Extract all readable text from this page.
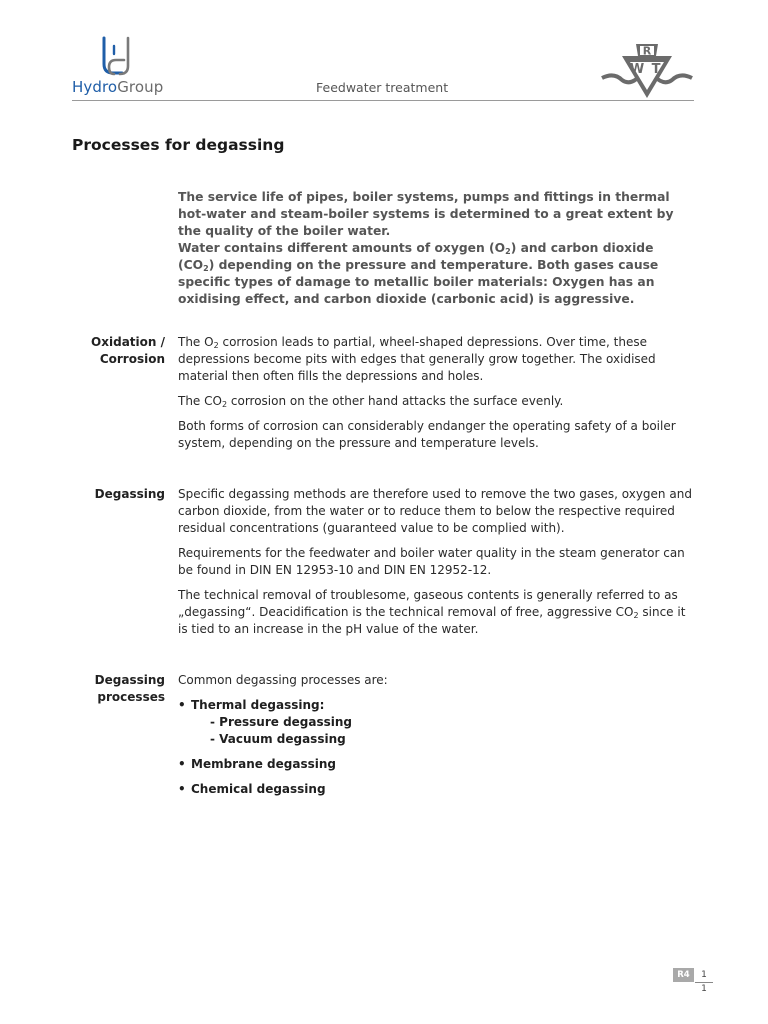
HydroGroup	Feedwater treatment
R
W T
Processes for degassing

The service life of pipes, boiler systems, pumps and fittings in thermal hot-water and steam-boiler systems is determined to a great extent by the quality of the boiler water.

Water contains different amounts of oxygen $(O_2)$ and carbon dioxide $(CO_2)$ depending on the pressure and temperature. Both gases cause specific types of damage to metallic boiler materials: Oxygen has an oxidising effect, and carbon dioxide (carbonic acid) is aggressive.

Oxidation /
Corrosion

The $O_2$ corrosion leads to partial, wheel-shaped depressions. Over time, these depressions become pits with edges that generally grow together. The oxidised material then often fills the depressions and holes.

The $CO_2$ corrosion on the other hand attacks the surface evenly.

Both forms of corrosion can considerably endanger the operating safety of a boiler system, depending on the pressure and temperature levels.

Degassing Specific degassing methods are therefore used to remove the two gases, oxygen and carbon dioxide, from the water or to reduce them to below the respective required residual concentrations (guaranteed value to be complied with).

Requirements for the feedwater and boiler water quality in the steam generator can be found in DIN EN 12953-10 and DIN EN 12952-12.

The technical removal of troublesome, gaseous contents is generally referred to as „degassing“. Deacidification is the technical removal of free, aggressive $CO_2$ since it is tied to an increase in the pH value of the water.

Degassing
processes

Common degassing processes are:

• Thermal degassing:
- Pressure degassing
- Vacuum degassing
• Membrane degassing
• Chemical degassing
R4	1
1
